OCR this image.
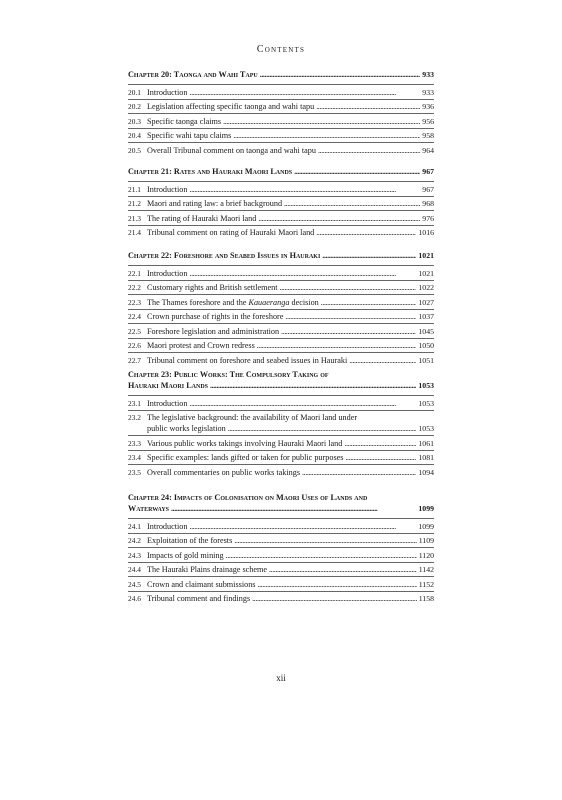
Contents
Chapter 20: Taonga and Wahi Tapu . . .	933
20.1 Introduction . . .	933
20.2 Legislation affecting specific taonga and wahi tapu . . .	936
20.3 Specific taonga claims . . .	956
20.4 Specific wahi tapu claims . . .	958
20.5 Overall Tribunal comment on taonga and wahi tapu . . .	964
Chapter 21: Rates and Hauraki Maori Lands . . .	967
21.1 Introduction . . .	967
21.2 Maori and rating law: a brief background . . .	968
21.3 The rating of Hauraki Maori land . . .	976
21.4 Tribunal comment on rating of Hauraki Maori land . . .	1016
Chapter 22: Foreshore and Seabed Issues in Hauraki . . .	1021
22.1 Introduction . . .	1021
22.2 Customary rights and British settlement . . .	1022
22.3 The Thames foreshore and the Kauaeranga decision . . .	1027
22.4 Crown purchase of rights in the foreshore . . .	1037
22.5 Foreshore legislation and administration . . .	1045
22.6 Maori protest and Crown redress . . .	1050
22.7 Tribunal comment on foreshore and seabed issues in Hauraki . . .	1051
Chapter 23: Public Works: The Compulsory Taking of
Hauraki Maori Lands . . .	1053
23.1 Introduction . . .	1053
23.2 The legislative background: the availability of Maori land under
public works legislation . . .	1053
23.3 Various public works takings involving Hauraki Maori land . . .	1061
23.4 Specific examples: lands gifted or taken for public purposes . . .	1081
23.5 Overall commentaries on public works takings . . .	1094
Chapter 24: Impacts of Colonisation on Maori Uses of Lands and
Waterways . . .	1099
24.1 Introduction . . .	1099
24.2 Exploitation of the forests . . .	1109
24.3 Impacts of gold mining . . .	1120
24.4 The Hauraki Plains drainage scheme . . .	1142
24.5 Crown and claimant submissions . . .	1152
24.6 Tribunal comment and findings . . .	1158
xii
